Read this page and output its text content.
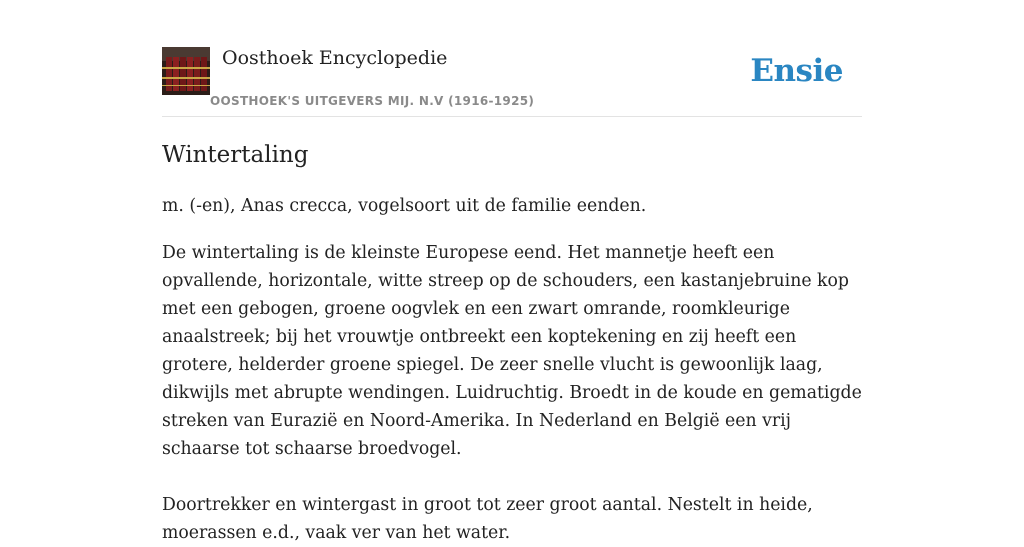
Oosthoek Encyclopedie
OOSTHOEK'S UITGEVERS MIJ. N.V (1916-1925)
Ensie
Wintertaling

m. (-en), Anas crecca, vogelsoort uit de familie eenden.

De wintertaling is de kleinste Europese eend. Het mannetje heeft een opvallende, horizontale, witte streep op de schouders, een kastanjebruine kop met een gebogen, groene oogvlek en een zwart omrande, roomkleurige anaalstreek; bij het vrouwtje ontbreekt een koptekening en zij heeft een grotere, helderder groene spiegel. De zeer snelle vlucht is gewoonlijk laag, dikwijls met abrupte wendingen. Luidruchtig. Broedt in de koude en gematigde streken van Eurazië en Noord-Amerika. In Nederland en België een vrij schaarse tot schaarse broedvogel.

Doortrekker en wintergast in groot tot zeer groot aantal. Nestelt in heide, moerassen e.d., vaak ver van het water.
